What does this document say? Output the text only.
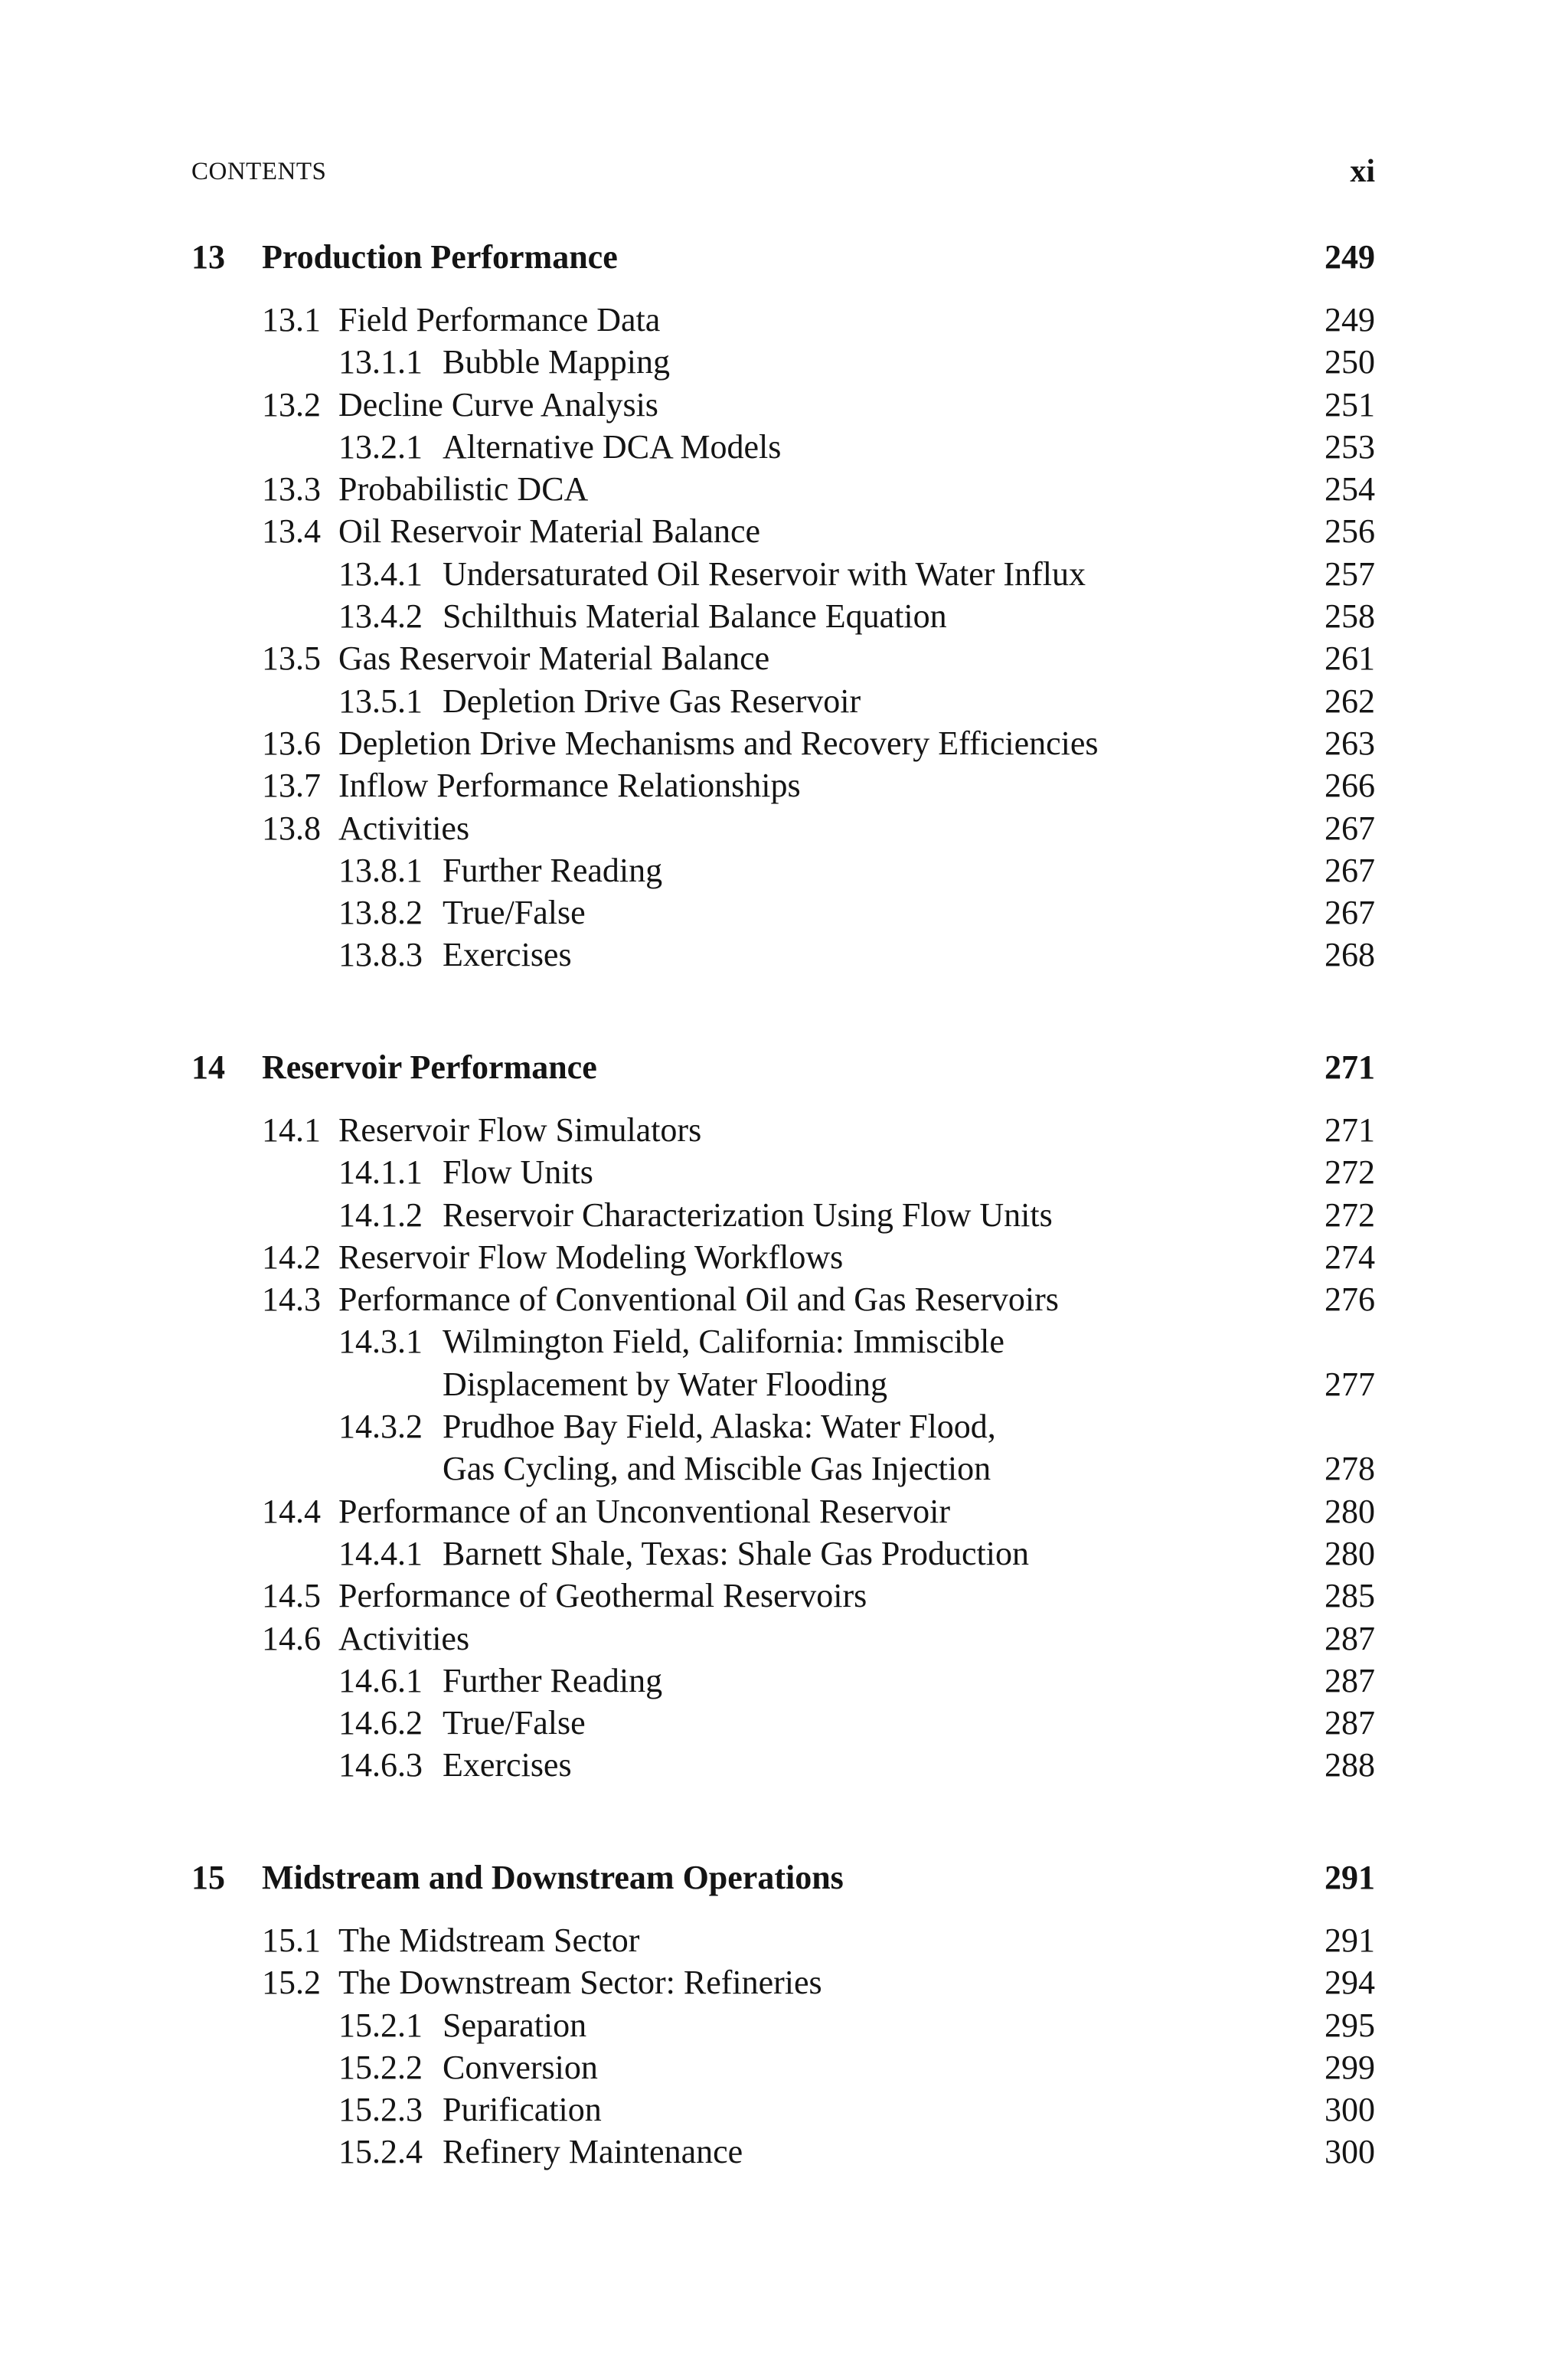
CONTENTS	xi
13 Production Performance	249
13.1 Field Performance Data	249
13.1.1 Bubble Mapping	250
13.2 Decline Curve Analysis	251
13.2.1 Alternative DCA Models	253
13.3 Probabilistic DCA	254
13.4 Oil Reservoir Material Balance	256
13.4.1 Undersaturated Oil Reservoir with Water Influx	257
13.4.2 Schilthuis Material Balance Equation	258
13.5 Gas Reservoir Material Balance	261
13.5.1 Depletion Drive Gas Reservoir	262
13.6 Depletion Drive Mechanisms and Recovery Efficiencies	263
13.7 Inflow Performance Relationships	266
13.8 Activities	267
13.8.1 Further Reading	267
13.8.2 True/False	267
13.8.3 Exercises	268
14 Reservoir Performance	271
14.1 Reservoir Flow Simulators	271
14.1.1 Flow Units	272
14.1.2 Reservoir Characterization Using Flow Units	272
14.2 Reservoir Flow Modeling Workflows	274
14.3 Performance of Conventional Oil and Gas Reservoirs	276
14.3.1 Wilmington Field, California: Immiscible
Displacement by Water Flooding	277
14.3.2 Prudhoe Bay Field, Alaska: Water Flood,
Gas Cycling, and Miscible Gas Injection	278
14.4 Performance of an Unconventional Reservoir	280
14.4.1 Barnett Shale, Texas: Shale Gas Production	280
14.5 Performance of Geothermal Reservoirs	285
14.6 Activities	287
14.6.1 Further Reading	287
14.6.2 True/False	287
14.6.3 Exercises	288
15 Midstream and Downstream Operations	291
15.1 The Midstream Sector	291
15.2 The Downstream Sector: Refineries	294
15.2.1 Separation	295
15.2.2 Conversion	299
15.2.3 Purification	300
15.2.4 Refinery Maintenance	300
